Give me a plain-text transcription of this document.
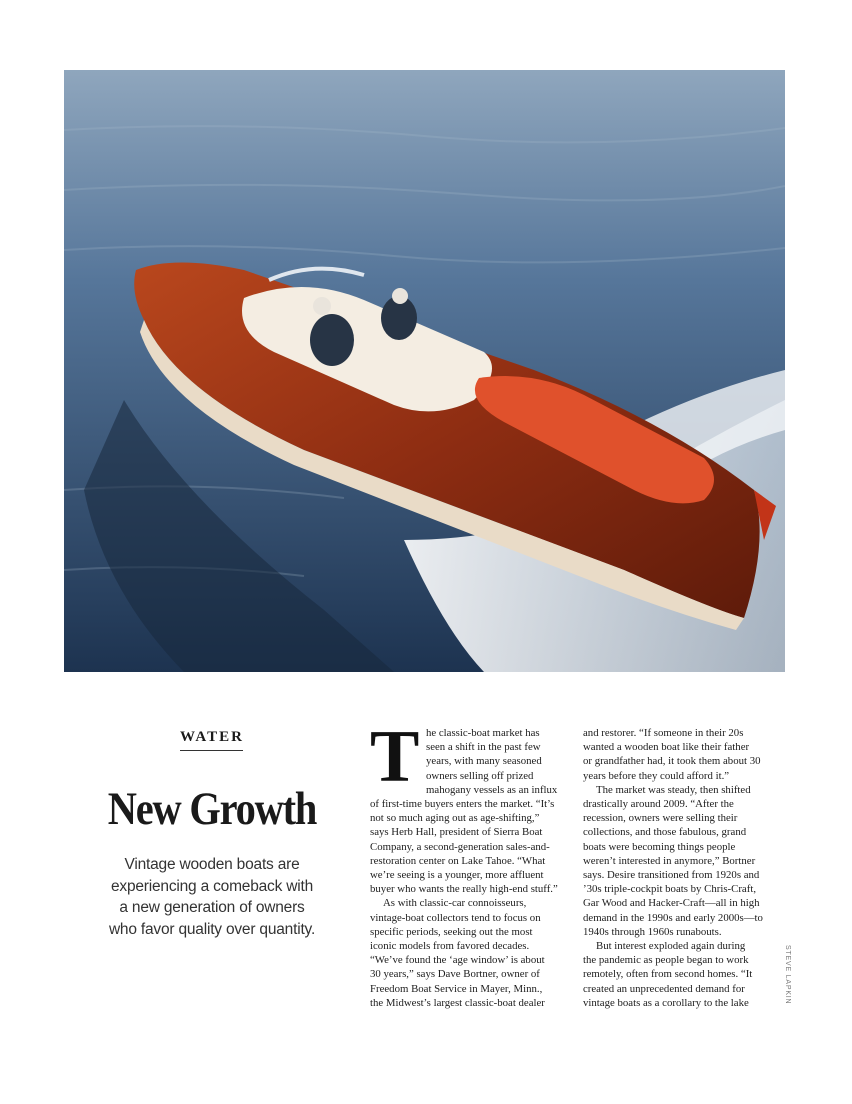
WATER
New Growth
Vintage wooden boats are
experiencing a comeback with
a new generation of owners
who favor quality over quantity.
T he classic-boat market has
seen a shift in the past few
years, with many seasoned
owners selling off prized
mahogany vessels as an influx
of first-time buyers enters the market. “It’s
not so much aging out as age-shifting,”
says Herb Hall, president of Sierra Boat
Company, a second-generation sales-and-
restoration center on Lake Tahoe. “What
we’re seeing is a younger, more affluent
buyer who wants the really high-end stuff.”
As with classic-car connoisseurs,
vintage-boat collectors tend to focus on
specific periods, seeking out the most
iconic models from favored decades.
“We’ve found the ‘age window’ is about
30 years,” says Dave Bortner, owner of
Freedom Boat Service in Mayer, Minn.,
the Midwest’s largest classic-boat dealer
and restorer. “If someone in their 20s
wanted a wooden boat like their father
or grandfather had, it took them about 30
years before they could afford it.”
The market was steady, then shifted
drastically around 2009. “After the
recession, owners were selling their
collections, and those fabulous, grand
boats were becoming things people
weren’t interested in anymore,” Bortner
says. Desire transitioned from 1920s and
’30s triple-cockpit boats by Chris-Craft,
Gar Wood and Hacker-Craft—all in high
demand in the 1990s and early 2000s—to
1940s through 1960s runabouts.
But interest exploded again during
the pandemic as people began to work
remotely, often from second homes. “It
created an unprecedented demand for
vintage boats as a corollary to the lake	STEVE LAPKIN
